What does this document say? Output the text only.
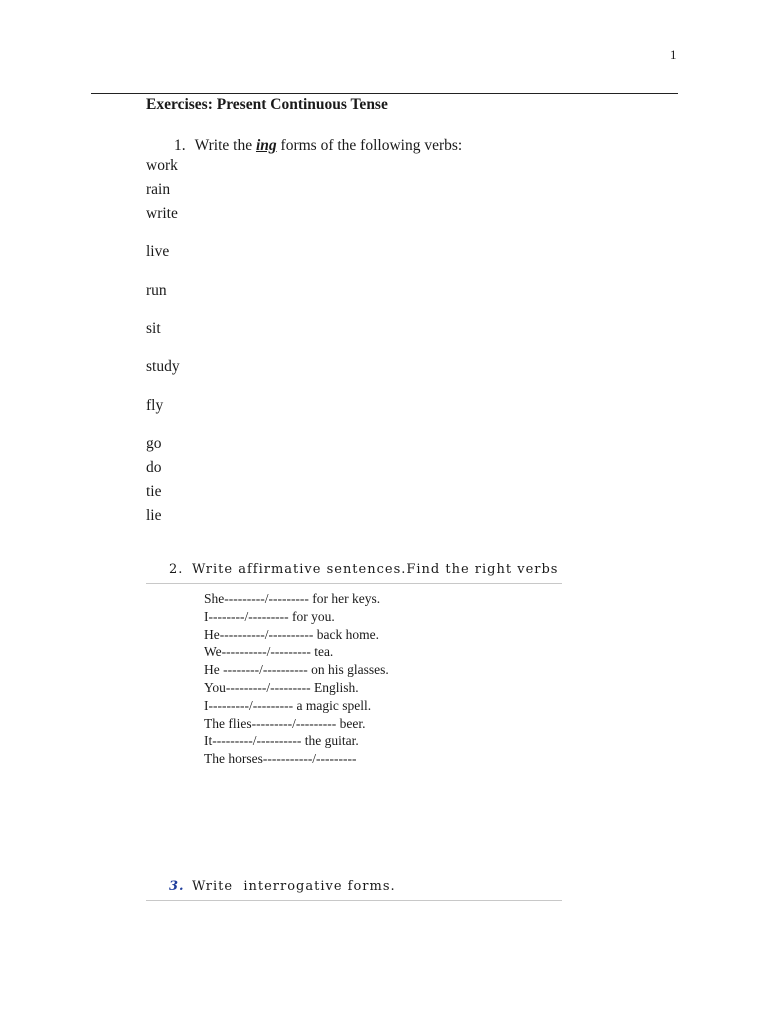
1
Exercises: Present Continuous Tense
1. Write the ing forms of the following verbs:
work
rain
write
live
run
sit
study
fly
go
do
tie
lie
2. Write affirmative sentences.Find the right verbs
She---------/--------- for her keys.
I--------/--------- for you.
He----------/---------- back home.
We----------/--------- tea.
He --------/---------- on his glasses.
You---------/--------- English.
I---------/--------- a magic spell.
The flies---------/--------- beer.
It---------/---------- the guitar.
The horses-----------/---------
3. Write  interrogative forms.
